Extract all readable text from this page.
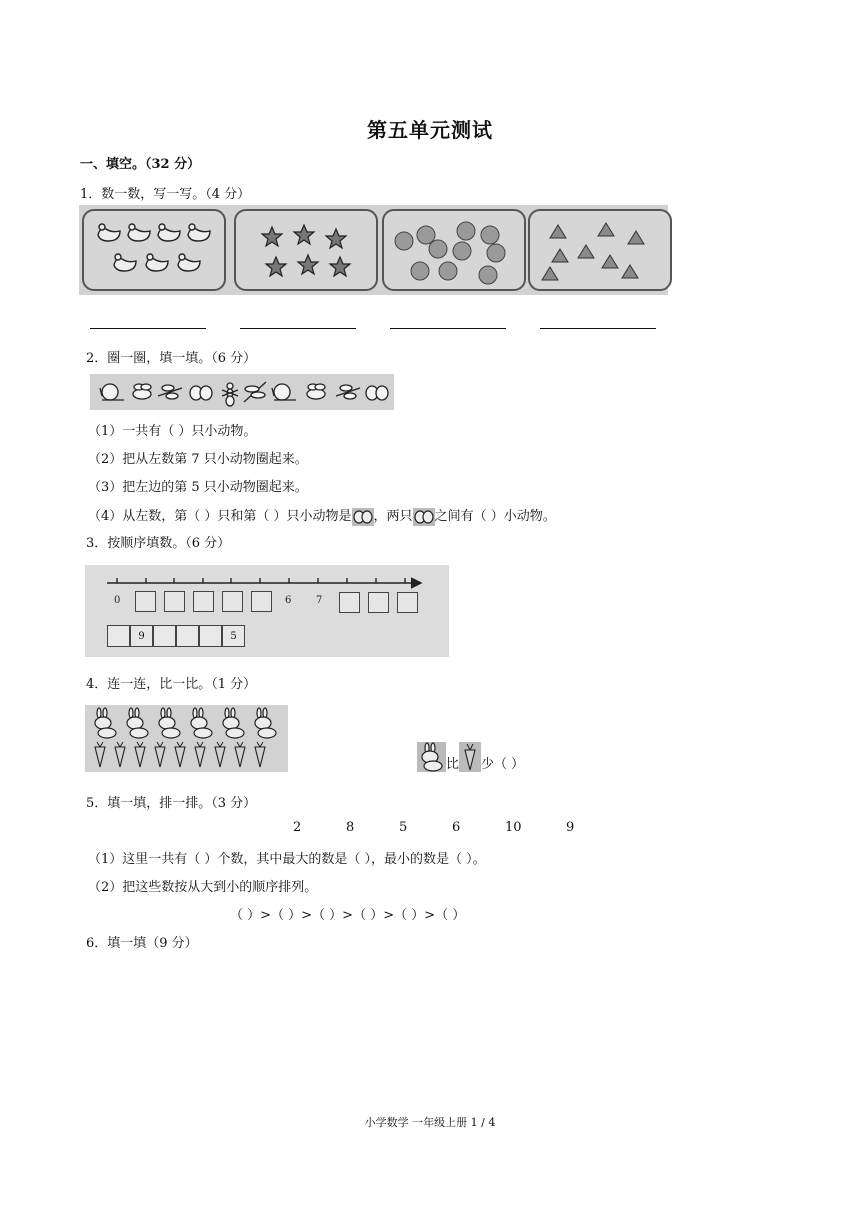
第五单元测试
一、填空。（32 分）
1．数一数，写一写。（4 分）
2．圈一圈，填一填。（6 分）
（1）一共有（ ）只小动物。
（2）把从左数第 7 只小动物圈起来。
（3）把左边的第 5 只小动物圈起来。
（4）从左数，第（ ）只和第（ ）只小动物是 ，两只 之间有（ ）小动物。
3．按顺序填数。（6 分）
0	6 7
9	5
4．连一连，比一比。（1 分）
比 少（ ）
5．填一填，排一排。（3 分）
2	8	5	6	10	9
（1）这里一共有（ ）个数，其中最大的数是（ ），最小的数是（ ）。
（2）把这些数按从大到小的顺序排列。
（ ）>（ ）>（ ）>（ ）>（ ）>（ ）
6．填一填（9 分）
小学数学 一年级上册 1 / 4
